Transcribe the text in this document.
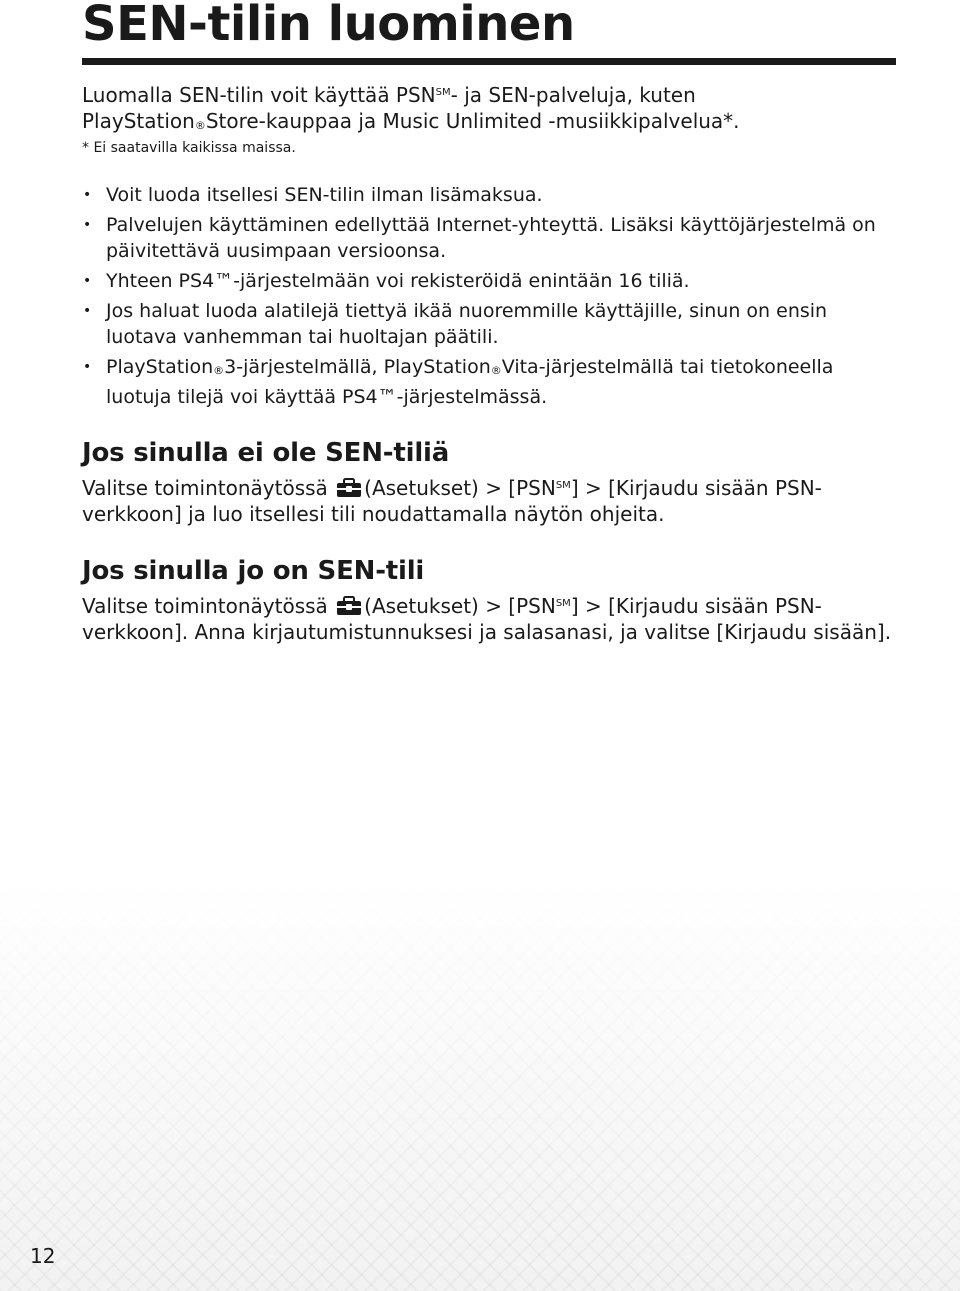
SEN-tilin luominen

Luomalla SEN-tilin voit käyttää PSN℠- ja SEN-palveluja, kuten

PlayStation®Store-kauppaa ja Music Unlimited -musiikkipalvelua*.

* Ei saatavilla kaikissa maissa.

• Voit luoda itsellesi SEN-tilin ilman lisämaksua.
• Palvelujen käyttäminen edellyttää Internet-yhteyttä. Lisäksi käyttöjärjestelmä on päivitettävä uusimpaan versioonsa.
• Yhteen PS4™-järjestelmään voi rekisteröidä enintään 16 tiliä.
• Jos haluat luoda alatilejä tiettyä ikää nuoremmille käyttäjille, sinun on ensin luotava vanhemman tai huoltajan päätili.
• PlayStation®3-järjestelmällä, PlayStation®Vita-järjestelmällä tai tietokoneella luotuja tilejä voi käyttää PS4™-järjestelmässä.
Jos sinulla ei ole SEN-tiliä

Valitse toimintonäytössä (Asetukset) > [PSN℠] > [Kirjaudu sisään PSN-verkkoon] ja luo itsellesi tili noudattamalla näytön ohjeita.

Jos sinulla jo on SEN-tili

Valitse toimintonäytössä (Asetukset) > [PSN℠] > [Kirjaudu sisään PSN-verkkoon]. Anna kirjautumistunnuksesi ja salasanasi, ja valitse [Kirjaudu sisään].

12
